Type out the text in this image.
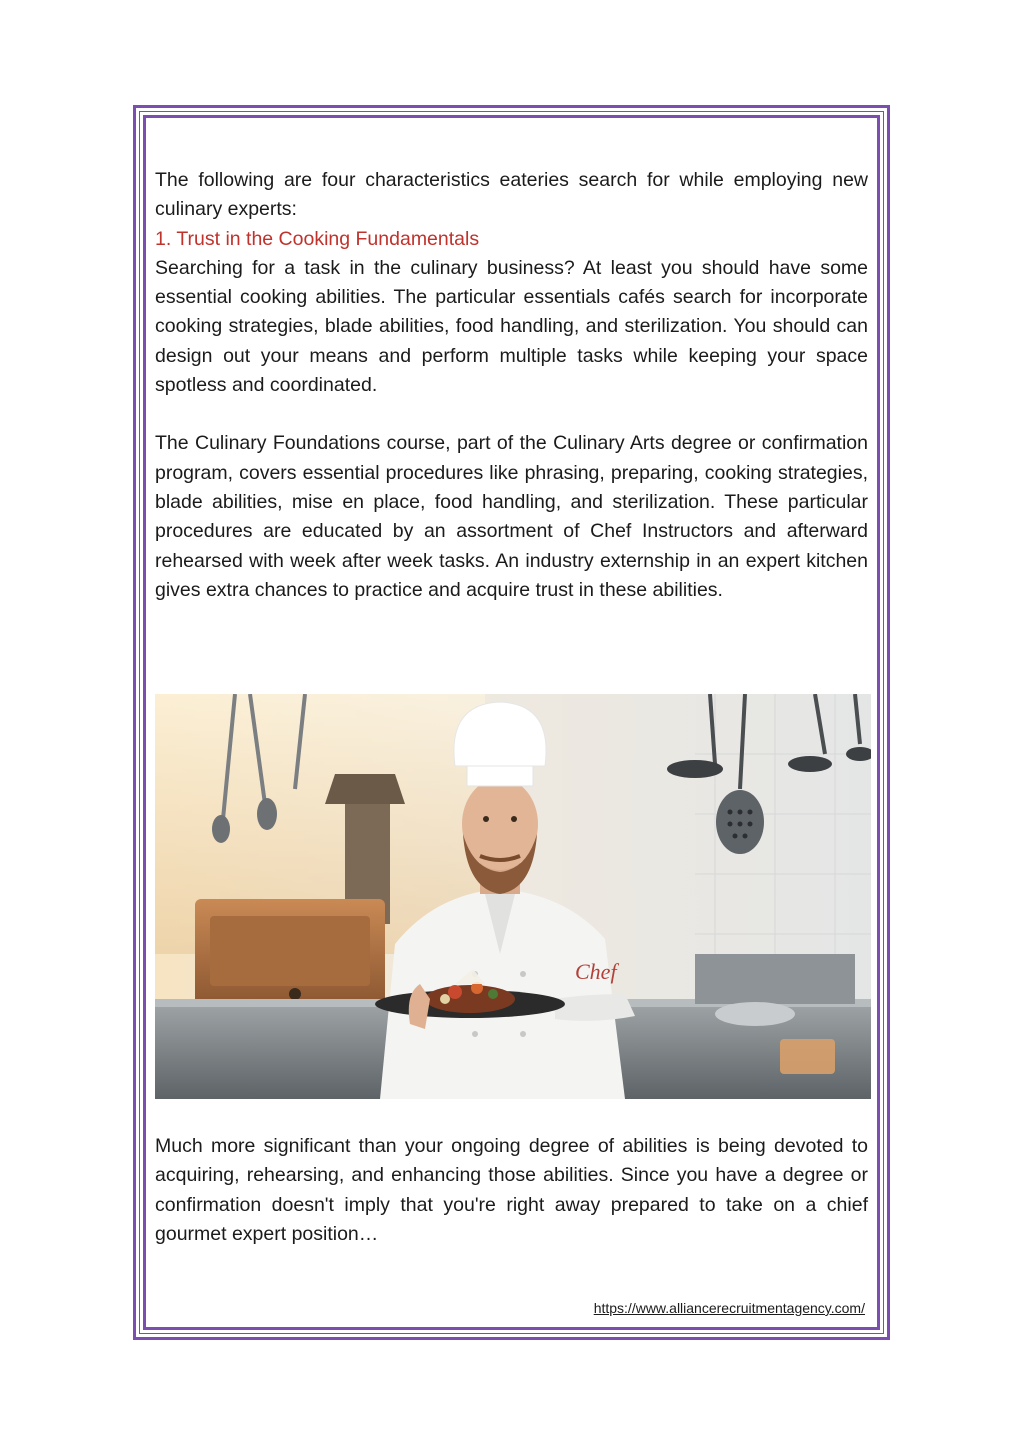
The following are four characteristics eateries search for while employing new culinary experts:

1. Trust in the Cooking Fundamentals

Searching for a task in the culinary business? At least you should have some essential cooking abilities. The particular essentials cafés search for incorporate cooking strategies, blade abilities, food handling, and sterilization. You should can design out your means and perform multiple tasks while keeping your space spotless and coordinated.

The Culinary Foundations course, part of the Culinary Arts degree or confirmation program, covers essential procedures like phrasing, preparing, cooking strategies, blade abilities, mise en place, food handling, and sterilization. These particular procedures are educated by an assortment of Chef Instructors and afterward rehearsed with week after week tasks. An industry externship in an expert kitchen gives extra chances to practice and acquire trust in these abilities.

Chef

Much more significant than your ongoing degree of abilities is being devoted to acquiring, rehearsing, and enhancing those abilities. Since you have a degree or confirmation doesn't imply that you're right away prepared to take on a chief gourmet expert position…

https://www.alliancerecruitmentagency.com/
